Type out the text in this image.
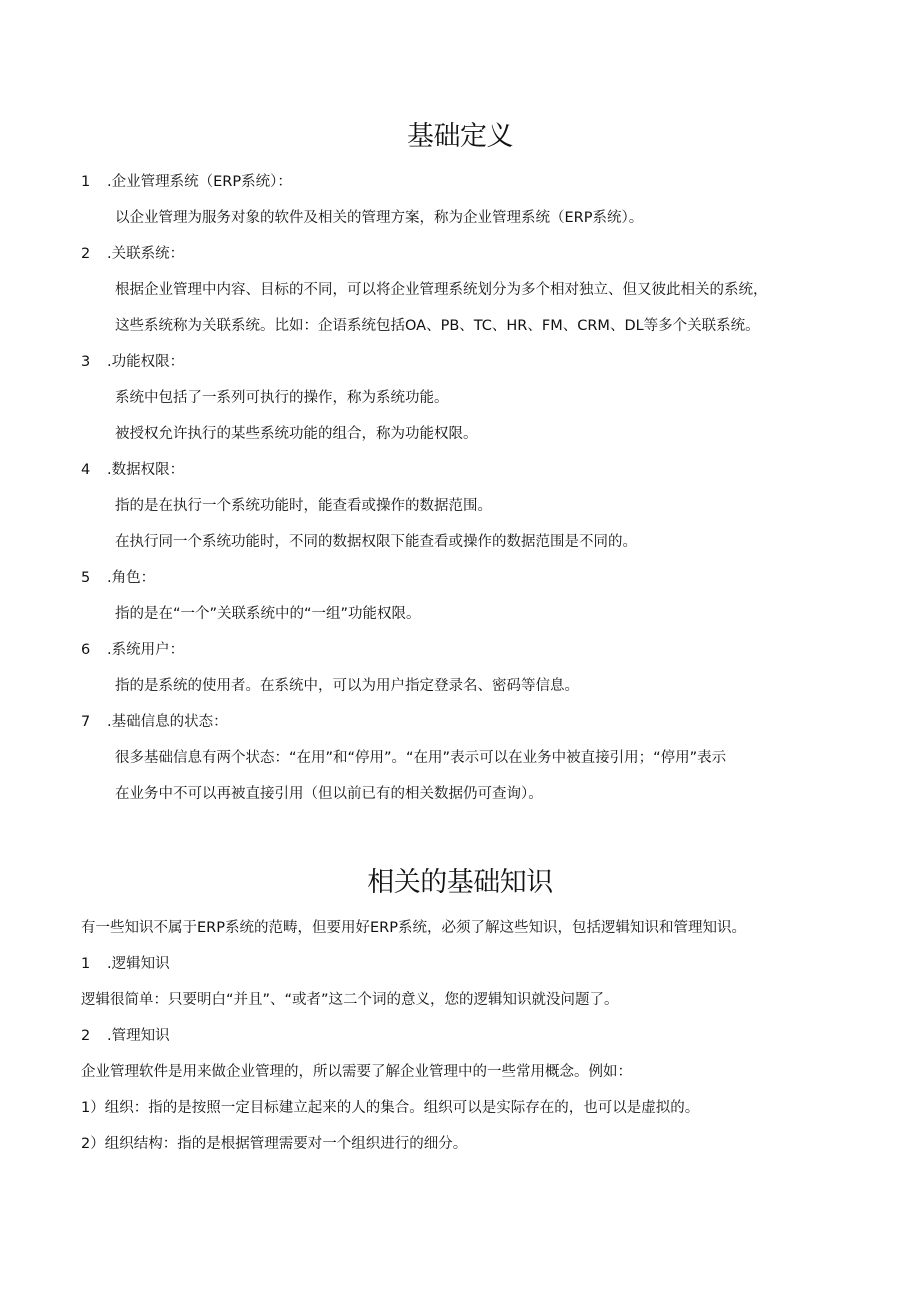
基础定义
1 .企业管理系统（ERP系统）：
以企业管理为服务对象的软件及相关的管理方案，称为企业管理系统（ERP系统）。
2 .关联系统：
根据企业管理中内容、目标的不同，可以将企业管理系统划分为多个相对独立、但又彼此相关的系统，
这些系统称为关联系统。比如：企语系统包括OA、PB、TC、HR、FM、CRM、DL等多个关联系统。
3 .功能权限：
系统中包括了一系列可执行的操作，称为系统功能。
被授权允许执行的某些系统功能的组合，称为功能权限。
4 .数据权限：
指的是在执行一个系统功能时，能查看或操作的数据范围。
在执行同一个系统功能时，不同的数据权限下能查看或操作的数据范围是不同的。
5 .角色：
指的是在“一个”关联系统中的“一组”功能权限。
6 .系统用户：
指的是系统的使用者。在系统中，可以为用户指定登录名、密码等信息。
7 .基础信息的状态：
很多基础信息有两个状态：“在用”和“停用”。“在用”表示可以在业务中被直接引用；“停用”表示
在业务中不可以再被直接引用（但以前已有的相关数据仍可查询）。
相关的基础知识
有一些知识不属于ERP系统的范畴，但要用好ERP系统，必须了解这些知识，包括逻辑知识和管理知识。
1 .逻辑知识
逻辑很简单：只要明白“并且”、“或者”这二个词的意义，您的逻辑知识就没问题了。
2 .管理知识
企业管理软件是用来做企业管理的，所以需要了解企业管理中的一些常用概念。例如：
1）组织：指的是按照一定目标建立起来的人的集合。组织可以是实际存在的，也可以是虚拟的。
2）组织结构：指的是根据管理需要对一个组织进行的细分。
